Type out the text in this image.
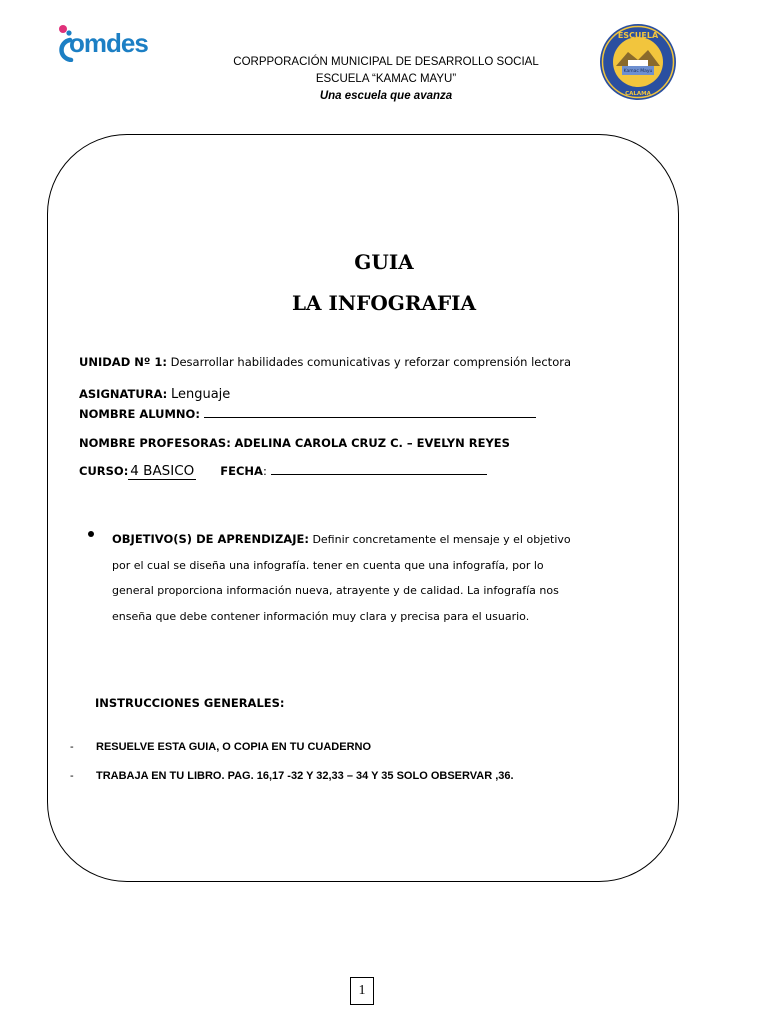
omdes
CORPPORACIÓN MUNICIPAL DE DESARROLLO SOCIAL
ESCUELA “KAMAC MAYU”
Una escuela que avanza
ESCUELA
Kamac Mayu
CALAMA
GUIA
LA INFOGRAFIA
UNIDAD Nº 1: Desarrollar habilidades comunicativas y reforzar comprensión lectora
ASIGNATURA: Lenguaje
NOMBRE ALUMNO:
NOMBRE PROFESORAS: ADELINA CAROLA CRUZ C. – EVELYN REYES
CURSO: 4 BASICO FECHA:
OBJETIVO(S) DE APRENDIZAJE: Definir concretamente el mensaje y el objetivo por el cual se diseña una infografía. tener en cuenta que una infografía, por lo general proporciona información nueva, atrayente y de calidad. La infografía nos enseña que debe contener información muy clara y precisa para el usuario.
INSTRUCCIONES GENERALES:
- RESUELVE ESTA GUIA, O COPIA EN TU CUADERNO
- TRABAJA EN TU LIBRO. PAG. 16,17 -32 Y 32,33 – 34 Y 35 SOLO OBSERVAR ,36.
1
